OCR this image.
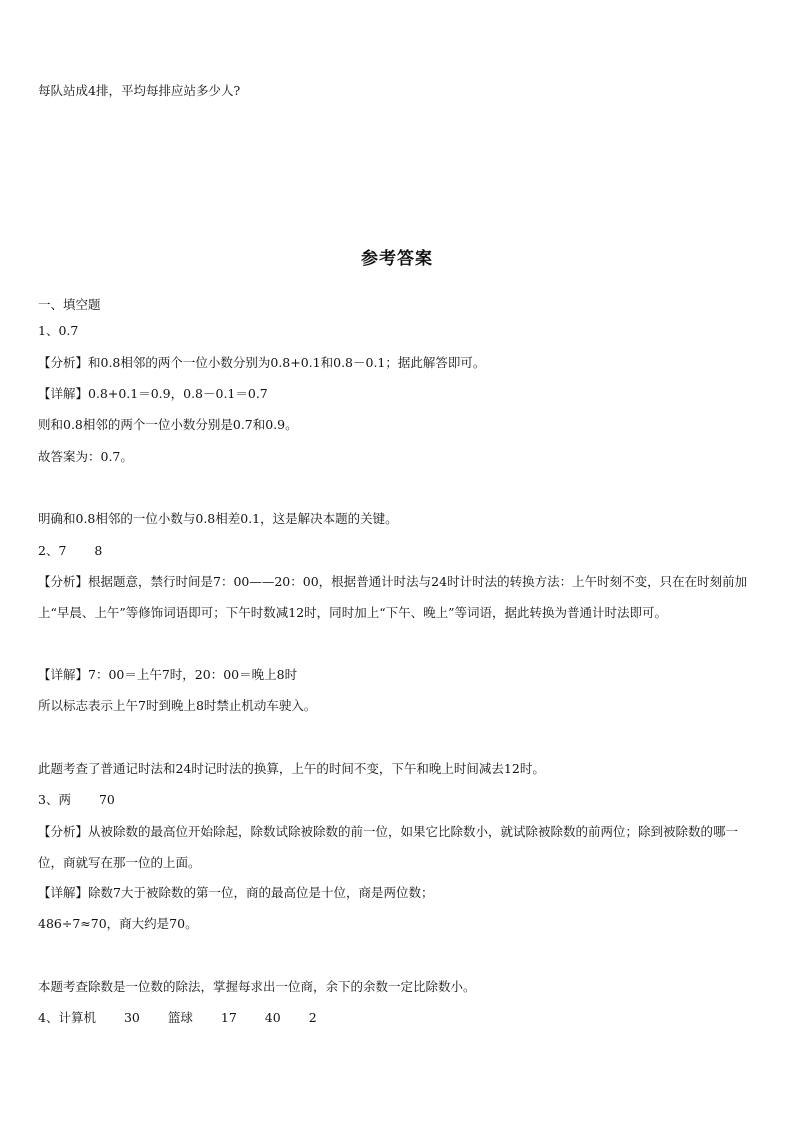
每队站成4排，平均每排应站多少人?
参考答案
一、填空题
1、0.7
【分析】和0.8相邻的两个一位小数分别为0.8+0.1和0.8－0.1；据此解答即可。
【详解】0.8+0.1＝0.9，0.8－0.1＝0.7
则和0.8相邻的两个一位小数分别是0.7和0.9。
故答案为：0.7。
明确和0.8相邻的一位小数与0.8相差0.1，这是解决本题的关键。
2、7 8
【分析】根据题意，禁行时间是7：00——20：00，根据普通计时法与24时计时法的转换方法：上午时刻不变，只在在时刻前加上“早晨、上午”等修饰词语即可；下午时数减12时，同时加上“下午、晚上”等词语，据此转换为普通计时法即可。
【详解】7：00＝上午7时，20：00＝晚上8时
所以标志表示上午7时到晚上8时禁止机动车驶入。
此题考查了普通记时法和24时记时法的换算，上午的时间不变，下午和晚上时间减去12时。
3、两 70
【分析】从被除数的最高位开始除起，除数试除被除数的前一位，如果它比除数小，就试除被除数的前两位；除到被除数的哪一位，商就写在那一位的上面。
【详解】除数7大于被除数的第一位，商的最高位是十位，商是两位数；
486÷7≈70，商大约是70。
本题考查除数是一位数的除法，掌握每求出一位商，余下的余数一定比除数小。
4、计算机 30 篮球 17 40 2
